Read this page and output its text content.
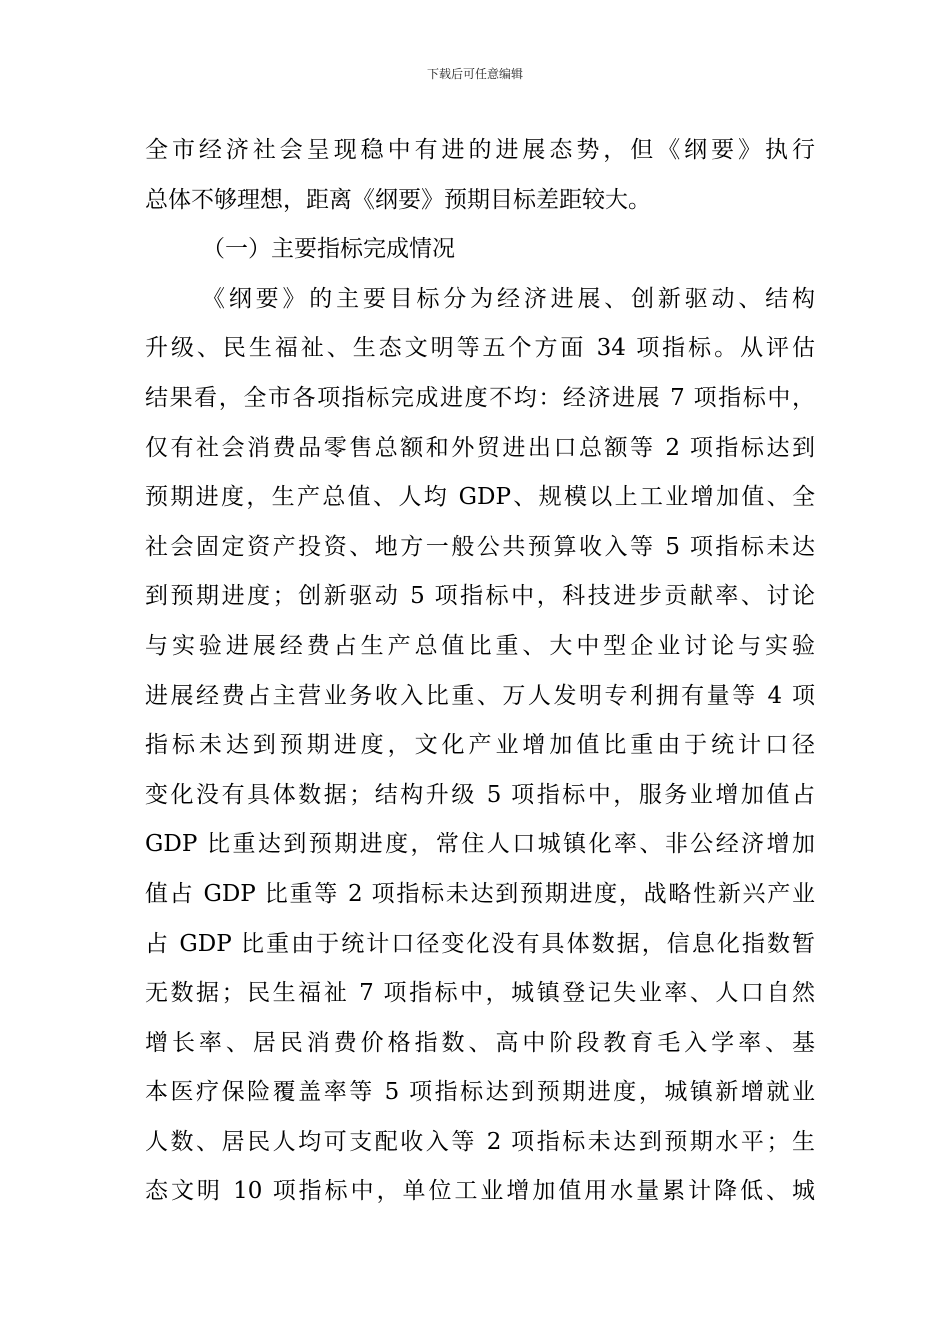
下载后可任意编辑
全市经济社会呈现稳中有进的进展态势，但《纲要》执行
总体不够理想，距离《纲要》预期目标差距较大。
（一）主要指标完成情况
《纲要》的主要目标分为经济进展、创新驱动、结构
升级、民生福祉、生态文明等五个方面 34 项指标。从评估
结果看，全市各项指标完成进度不均：经济进展 7 项指标中，
仅有社会消费品零售总额和外贸进出口总额等 2 项指标达到
预期进度，生产总值、人均 GDP、规模以上工业增加值、全
社会固定资产投资、地方一般公共预算收入等 5 项指标未达
到预期进度；创新驱动 5 项指标中，科技进步贡献率、讨论
与实验进展经费占生产总值比重、大中型企业讨论与实验
进展经费占主营业务收入比重、万人发明专利拥有量等 4 项
指标未达到预期进度，文化产业增加值比重由于统计口径
变化没有具体数据；结构升级 5 项指标中，服务业增加值占
GDP 比重达到预期进度，常住人口城镇化率、非公经济增加
值占 GDP 比重等 2 项指标未达到预期进度，战略性新兴产业
占 GDP 比重由于统计口径变化没有具体数据，信息化指数暂
无数据；民生福祉 7 项指标中，城镇登记失业率、人口自然
增长率、居民消费价格指数、高中阶段教育毛入学率、基
本医疗保险覆盖率等 5 项指标达到预期进度，城镇新增就业
人数、居民人均可支配收入等 2 项指标未达到预期水平；生
态文明 10 项指标中，单位工业增加值用水量累计降低、城
